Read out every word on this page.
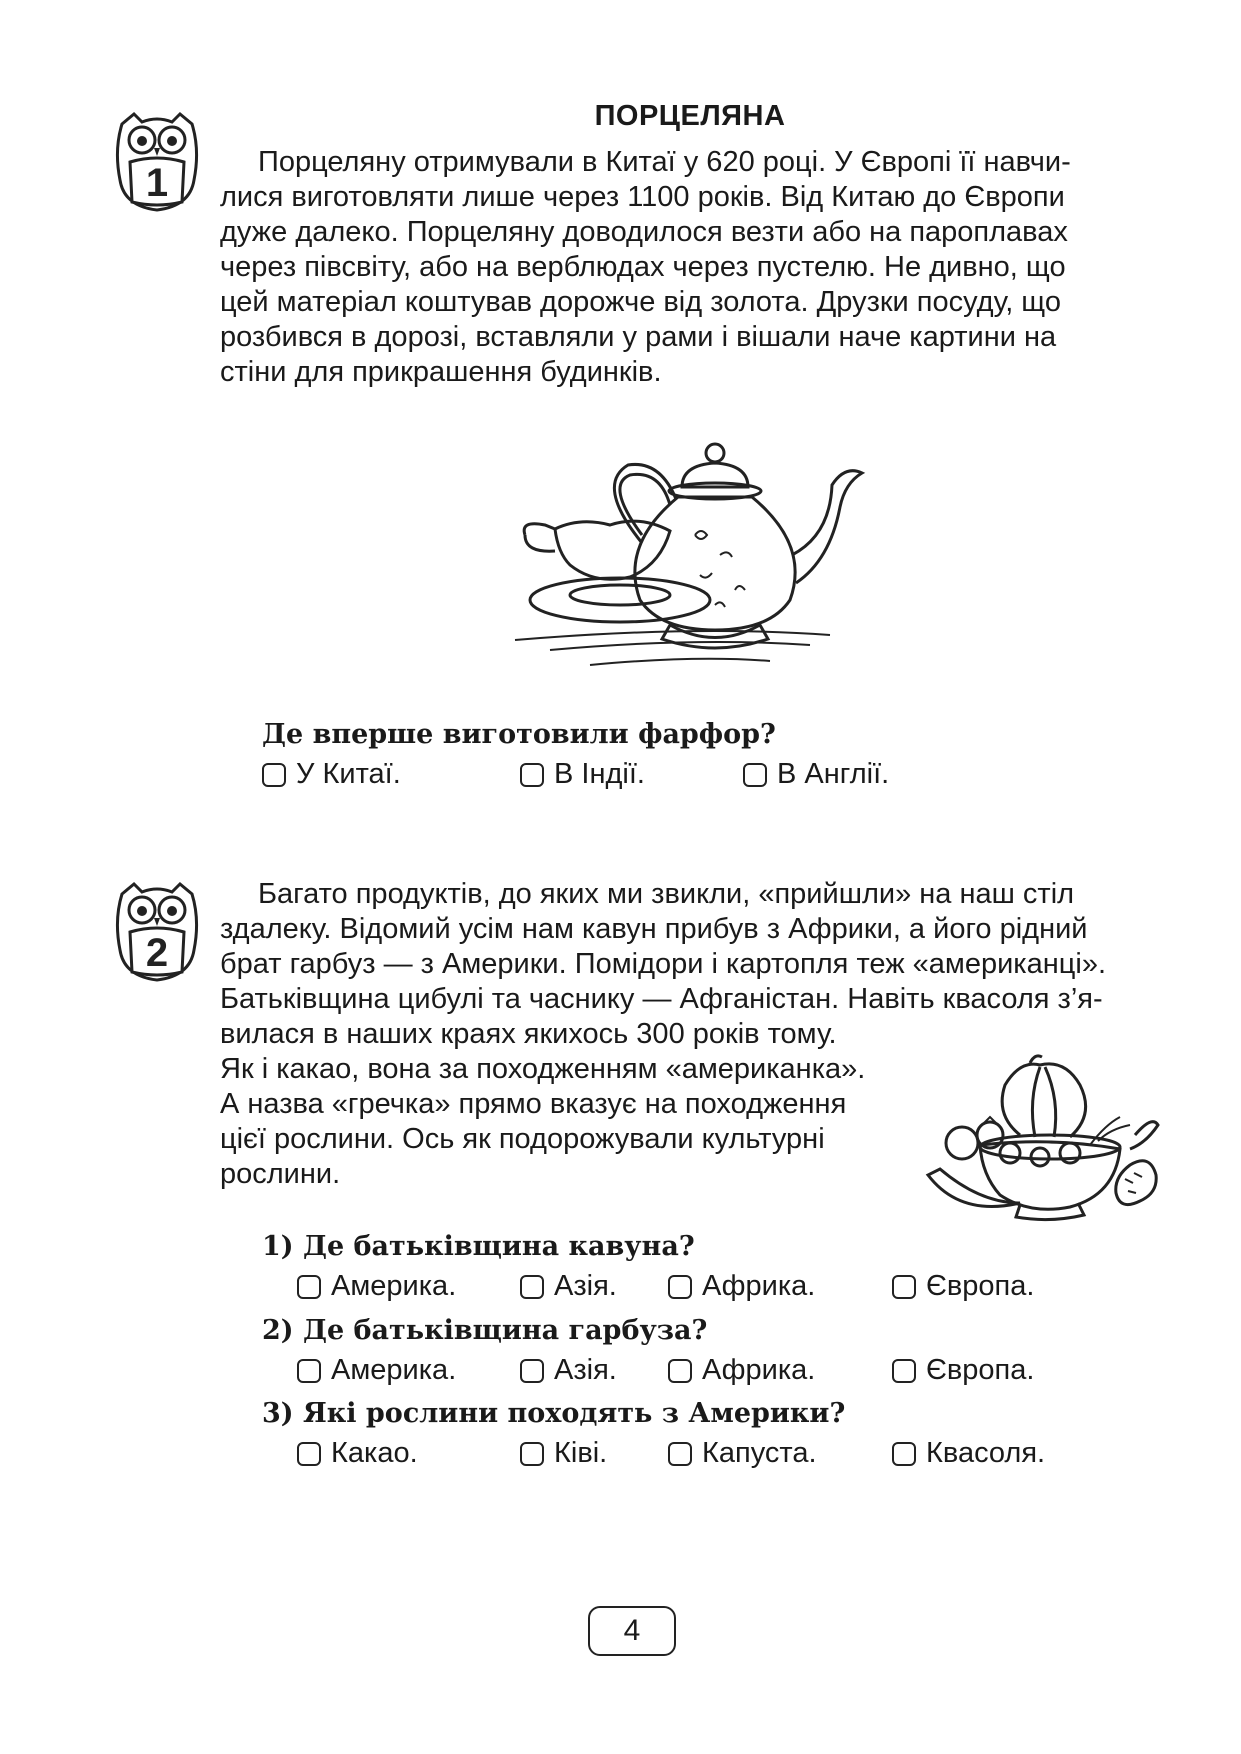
1
ПОРЦЕЛЯНА
Порцеляну отримували в Китаї у 620 році. У Європі її навчи-
лися виготовляти лише через 1100 років. Від Китаю до Європи
дуже далеко. Порцеляну доводилося везти або на пароплавах
через півсвіту, або на верблюдах через пустелю. Не дивно, що
цей матеріал коштував дорожче від золота. Друзки посуду, що
розбився в дорозі, вставляли у рами і вішали наче картини на
стіни для прикрашення будинків.
Де вперше виготовили фарфор?
У Китаї.	В Індії.	В Англії.
2
Багато продуктів, до яких ми звикли, «прийшли» на наш стіл
здалеку. Відомий усім нам кавун прибув з Африки, а його рідний
брат гарбуз — з Америки. Помідори і картопля теж «американці».
Батьківщина цибулі та часнику — Афганістан. Навіть квасоля з’я-
вилася в наших краях якихось 300 років тому.
Як і какао, вона за походженням «американка».
А назва «гречка» прямо вказує на походження
цієї рослини. Ось як подорожували культурні
рослини.
1) Де батьківщина кавуна?
Америка.	Азія.	Африка.	Європа.
2) Де батьківщина гарбуза?
Америка.	Азія.	Африка.	Європа.
3) Які рослини походять з Америки?
Какао.	Ківі.	Капуста.	Квасоля.
4
